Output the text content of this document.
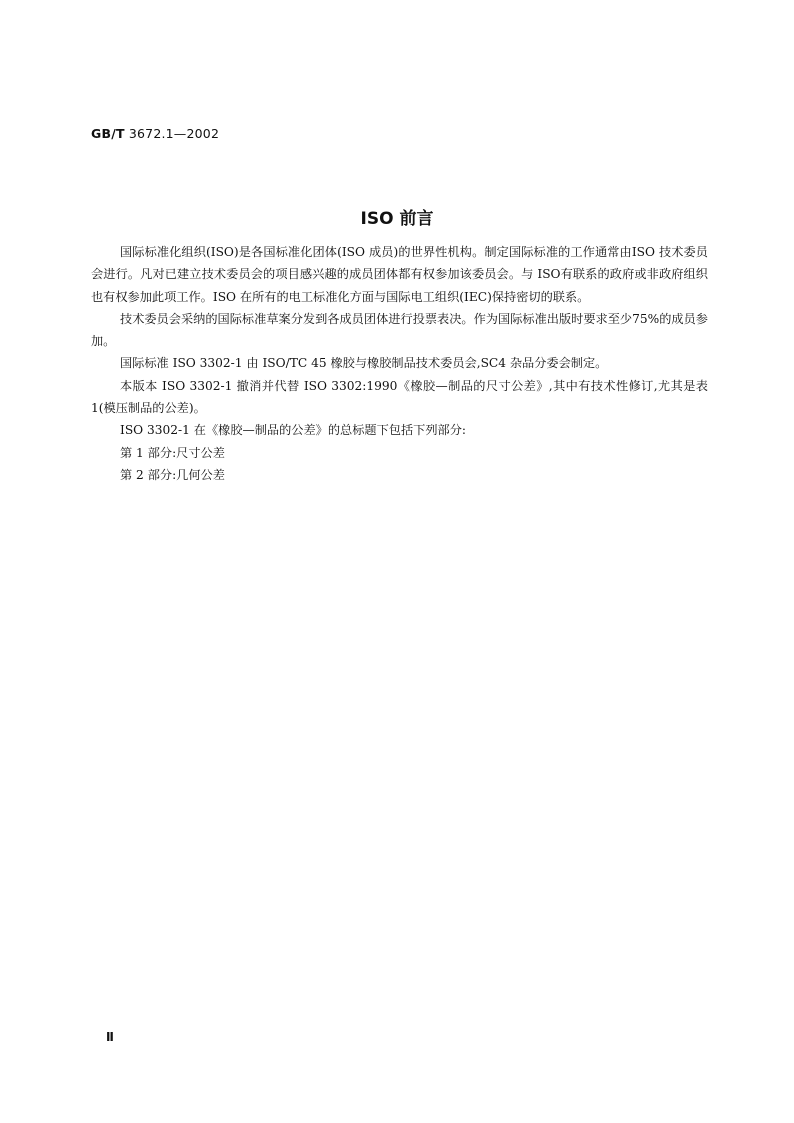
GB/T 3672.1—2002
ISO 前言

国际标准化组织(ISO)是各国标准化团体(ISO 成员)的世界性机构。制定国际标准的工作通常由ISO 技术委员会进行。凡对已建立技术委员会的项目感兴趣的成员团体都有权参加该委员会。与 ISO有联系的政府或非政府组织也有权参加此项工作。ISO 在所有的电工标准化方面与国际电工组织(IEC)保持密切的联系。

技术委员会采纳的国际标准草案分发到各成员团体进行投票表决。作为国际标准出版时要求至少75%的成员参加。

国际标准 ISO 3302-1 由 ISO/TC 45 橡胶与橡胶制品技术委员会,SC4 杂品分委会制定。

本版本 ISO 3302-1 撤消并代替 ISO 3302:1990《橡胶—制品的尺寸公差》,其中有技术性修订,尤其是表 1(模压制品的公差)。

ISO 3302-1 在《橡胶—制品的公差》的总标题下包括下列部分:

第 1 部分:尺寸公差

第 2 部分:几何公差

Ⅱ
